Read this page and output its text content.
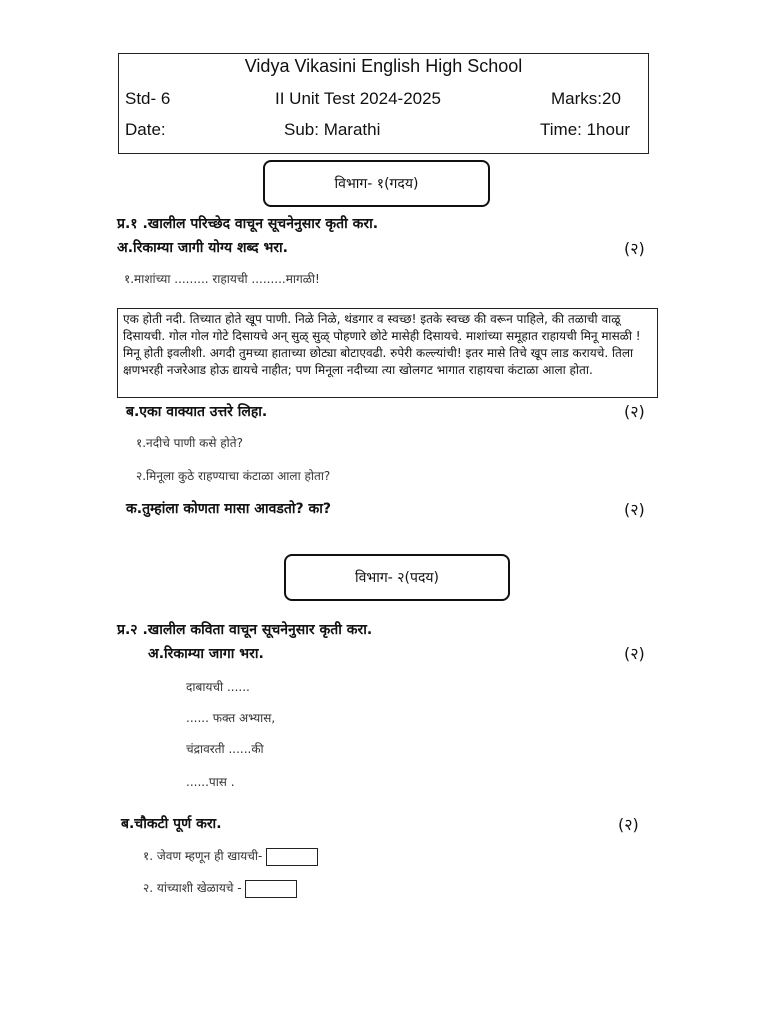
Vidya Vikasini English High School
Std- 6	II Unit Test 2024-2025	Marks:20
Date:	Sub: Marathi	Time: 1hour
विभाग- १(गदय)
प्र.१ .खालील परिच्छेद वाचून सूचनेनुसार कृती करा.
अ.रिकाम्या जागी योग्य शब्द भरा.	(२)
१.माशांच्या ......... राहायची .........मागळी!
एक होती नदी. तिच्यात होते खूप पाणी. निळे निळे, थंडगार व स्वच्छ! इतके स्वच्छ की वरून पाहिले, की तळाची वाळू दिसायची. गोल गोल गोटे दिसायचे अन् सुळ् सुळ् पोहणारे छोटे मासेही दिसायचे. माशांच्या समूहात राहायची मिनू मासळी ! मिनू होती इवलीशी. अगदी तुमच्या हाताच्या छोट्या बोटाएवढी. रुपेरी कल्ल्यांची! इतर मासे तिचे खूप लाड करायचे. तिला क्षणभरही नजरेआड होऊ द्यायचे नाहीत; पण मिनूला नदीच्या त्या खोलगट भागात राहायचा कंटाळा आला होता.
ब.एका वाक्यात उत्तरे लिहा.	(२)
१.नदीचे पाणी कसे होते?
२.मिनूला कुठे राहण्याचा कंटाळा आला होता?
क.तुम्हांला कोणता मासा आवडतो? का?	(२)
विभाग- २(पदय)
प्र.२ .खालील कविता वाचून सूचनेनुसार कृती करा.
अ.रिकाम्या जागा भरा.	(२)
दाबायची ......
...... फक्त अभ्यास,
चंद्रावरती ......की
......पास .
ब.चौकटी पूर्ण करा.	(२)
१. जेवण म्हणून ही खायची-
२. यांच्याशी खेळायचे -
